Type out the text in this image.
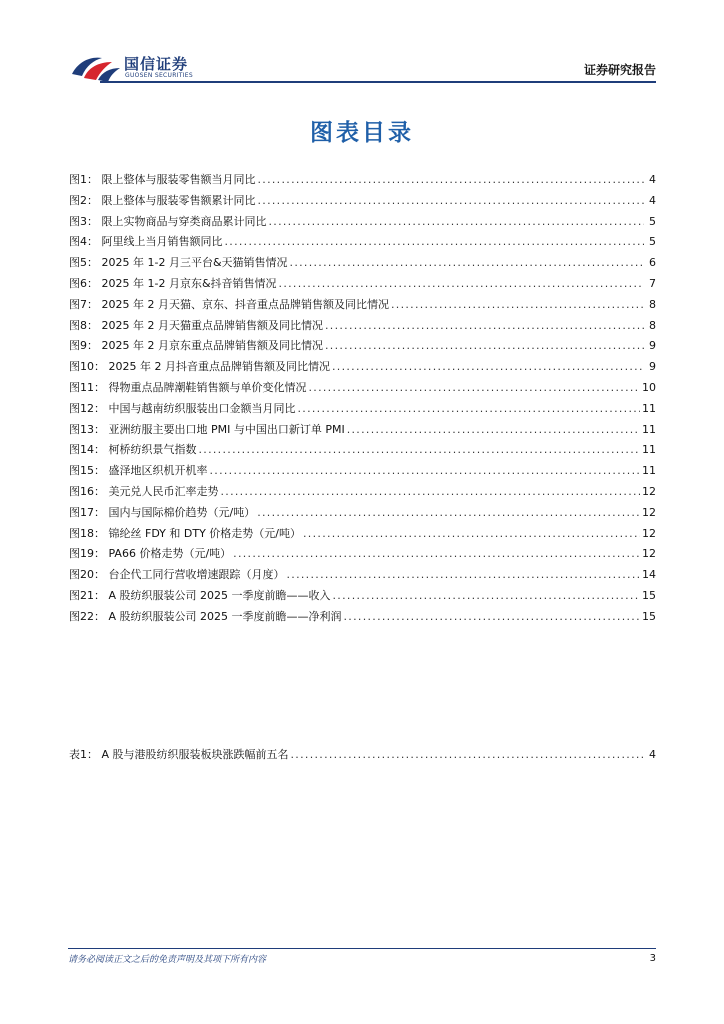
国信证券
GUOSEN SECURITIES	证券研究报告
图表目录
图1： 限上整体与服装零售额当月同比 .....	4
图2： 限上整体与服装零售额累计同比 .....	4
图3： 限上实物商品与穿类商品累计同比 .....	5
图4： 阿里线上当月销售额同比 .....	5
图5： 2025 年 1-2 月三平台&天猫销售情况 .....	6
图6： 2025 年 1-2 月京东&抖音销售情况 .....	7
图7： 2025 年 2 月天猫、京东、抖音重点品牌销售额及同比情况 .....	8
图8： 2025 年 2 月天猫重点品牌销售额及同比情况 .....	8
图9： 2025 年 2 月京东重点品牌销售额及同比情况 .....	9
图10： 2025 年 2 月抖音重点品牌销售额及同比情况 .....	9
图11： 得物重点品牌潮鞋销售额与单价变化情况 .....	10
图12： 中国与越南纺织服装出口金额当月同比 .....	11
图13： 亚洲纺服主要出口地 PMI 与中国出口新订单 PMI .....	11
图14： 柯桥纺织景气指数 .....	11
图15： 盛泽地区织机开机率 .....	11
图16： 美元兑人民币汇率走势 .....	12
图17： 国内与国际棉价趋势（元/吨） .....	12
图18： 锦纶丝 FDY 和 DTY 价格走势（元/吨） .....	12
图19： PA66 价格走势（元/吨） .....	12
图20： 台企代工同行营收增速跟踪（月度） .....	14
图21： A 股纺织服装公司 2025 一季度前瞻——收入 .....	15
图22： A 股纺织服装公司 2025 一季度前瞻——净利润 .....	15
表1： A 股与港股纺织服装板块涨跌幅前五名 .....	4
请务必阅读正文之后的免责声明及其项下所有内容	3
